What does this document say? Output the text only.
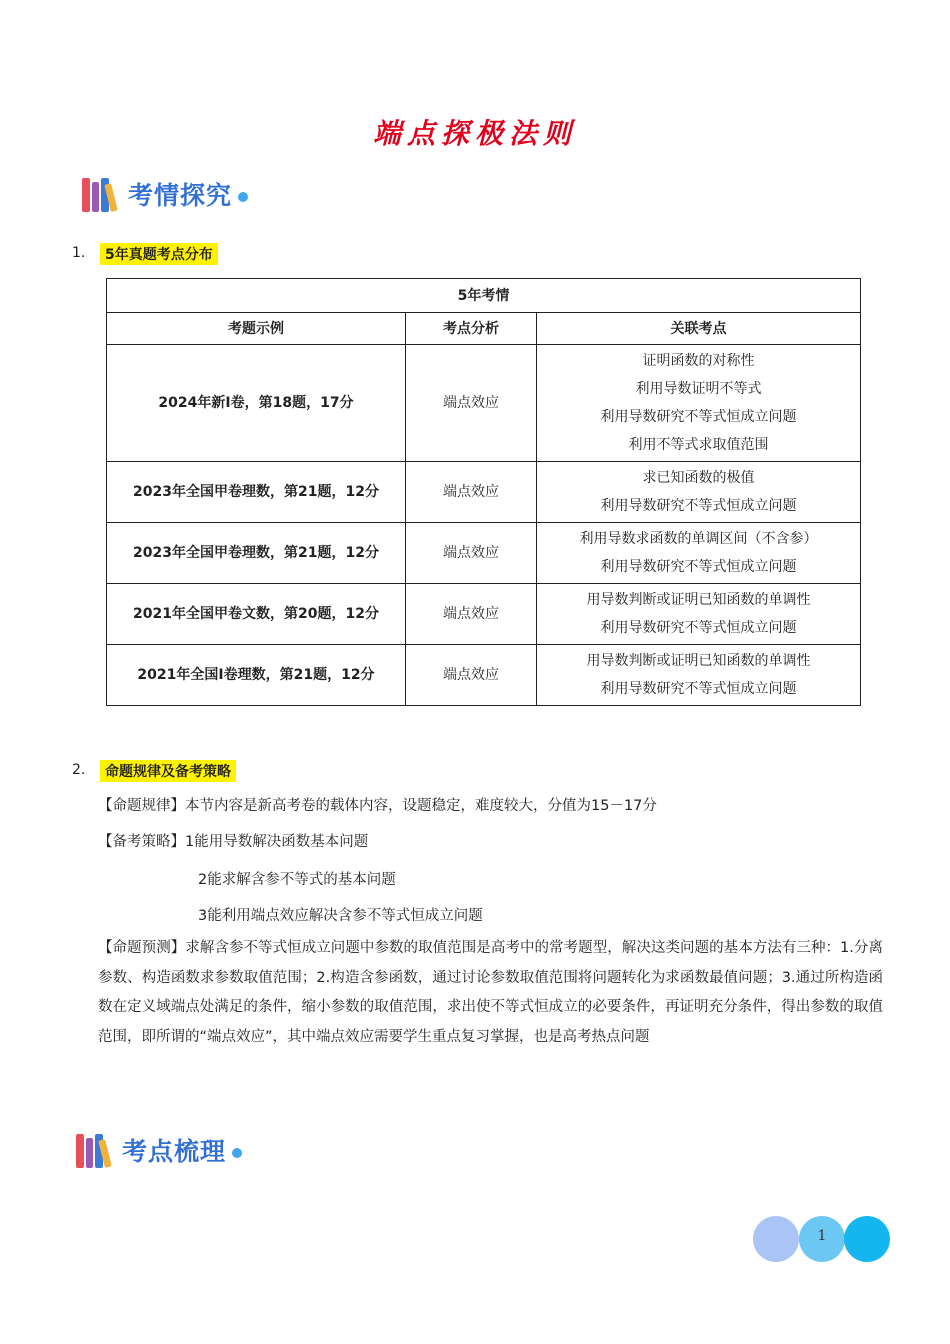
端点探极法则
考情探究
1.	5年真题考点分布
5年考情		
考题示例	考点分析	关联考点
2024年新I卷，第18题，17分	端点效应	证明函数的对称性
利用导数证明不等式
利用导数研究不等式恒成立问题
利用不等式求取值范围

2023年全国甲卷理数，第21题，12分	端点效应	求已知函数的极值
利用导数研究不等式恒成立问题

2023年全国甲卷理数，第21题，12分	端点效应	利用导数求函数的单调区间（不含参）
利用导数研究不等式恒成立问题

2021年全国甲卷文数，第20题，12分	端点效应	用导数判断或证明已知函数的单调性
利用导数研究不等式恒成立问题

2021年全国I卷理数，第21题，12分	端点效应	用导数判断或证明已知函数的单调性
利用导数研究不等式恒成立问题
2.	命题规律及备考策略
【命题规律】本节内容是新高考卷的载体内容，设题稳定，难度较大，分值为15－17分
【备考策略】1能用导数解决函数基本问题
2能求解含参不等式的基本问题
3能利用端点效应解决含参不等式恒成立问题
【命题预测】求解含参不等式恒成立问题中参数的取值范围是高考中的常考题型，解决这类问题的基本方法有三种：1.分离参数、构造函数求参数取值范围；2.构造含参函数，通过讨论参数取值范围将问题转化为求函数最值问题；3.通过所构造函数在定义域端点处满足的条件，缩小参数的取值范围，求出使不等式恒成立的必要条件，再证明充分条件，得出参数的取值范围，即所谓的“端点效应”，其中端点效应需要学生重点复习掌握，也是高考热点问题
考点梳理
1
